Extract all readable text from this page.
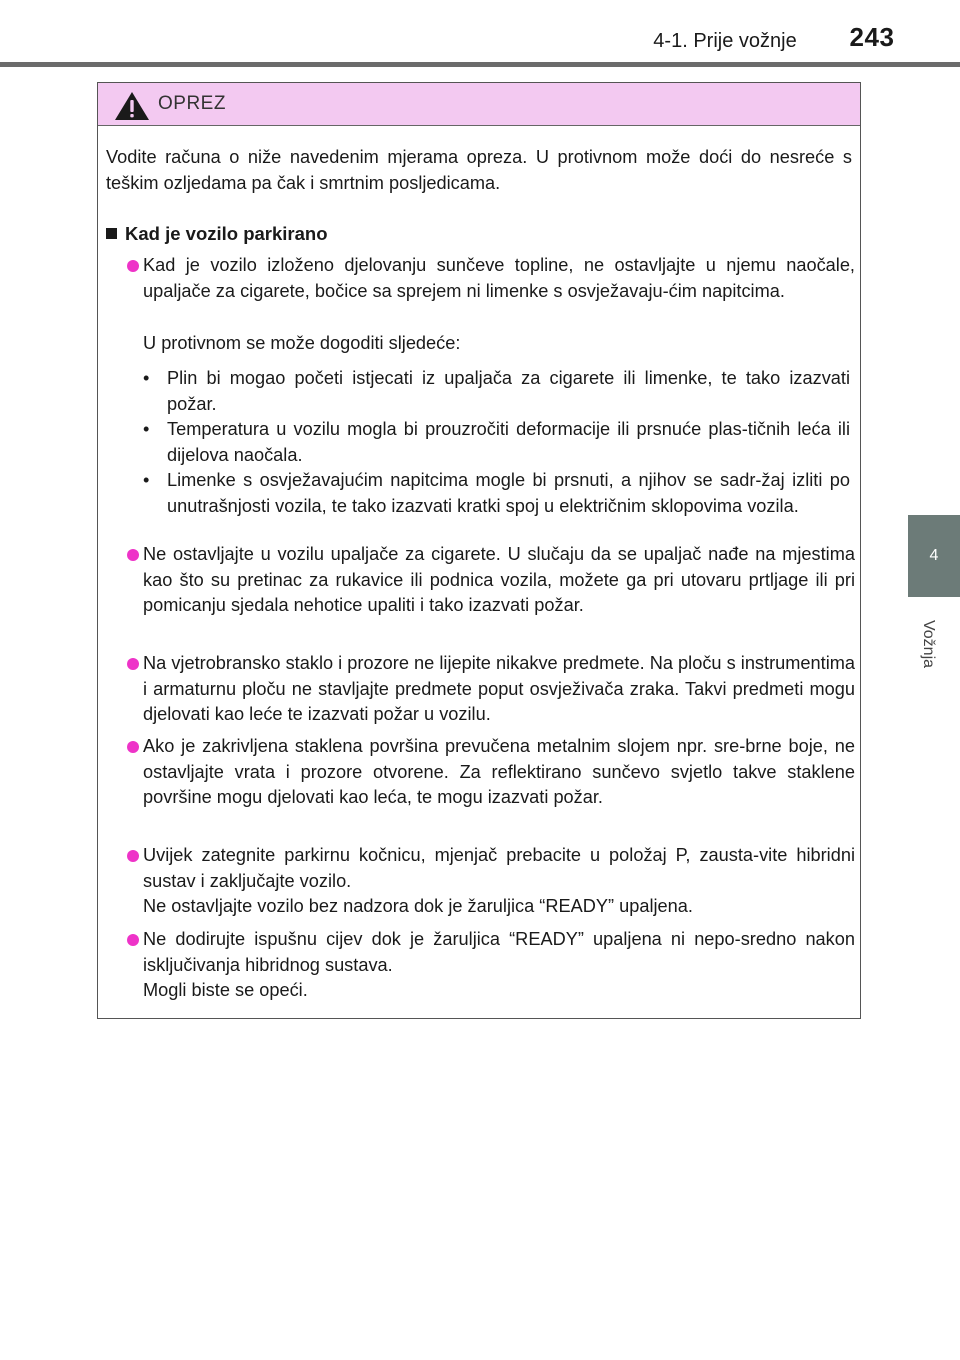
4-1. Prije vožnje	243
4
Vožnja
OPREZ
Vodite računa o niže navedenim mjerama opreza. U protivnom može doći do nesreće s teškim ozljedama pa čak i smrtnim posljedicama.
Kad je vozilo parkirano
Kad je vozilo izloženo djelovanju sunčeve topline, ne ostavljajte u njemu naočale, upaljače za cigarete, bočice sa sprejem ni limenke s osvježavaju-ćim napitcima.
U protivnom se može dogoditi sljedeće:
• Plin bi mogao početi istjecati iz upaljača za cigarete ili limenke, te tako izazvati požar.
• Temperatura u vozilu mogla bi prouzročiti deformacije ili prsnuće plas-tičnih leća ili dijelova naočala.
• Limenke s osvježavajućim napitcima mogle bi prsnuti, a njihov se sadr-žaj izliti po unutrašnjosti vozila, te tako izazvati kratki spoj u električnim sklopovima vozila.
Ne ostavljajte u vozilu upaljače za cigarete. U slučaju da se upaljač nađe na mjestima kao što su pretinac za rukavice ili podnica vozila, možete ga pri utovaru prtljage ili pri pomicanju sjedala nehotice upaliti i tako izazvati požar.
Na vjetrobransko staklo i prozore ne lijepite nikakve predmete. Na ploču s instrumentima i armaturnu ploču ne stavljajte predmete poput osvježivača zraka. Takvi predmeti mogu djelovati kao leće te izazvati požar u vozilu.
Ako je zakrivljena staklena površina prevučena metalnim slojem npr. sre-brne boje, ne ostavljajte vrata i prozore otvorene. Za reflektirano sunčevo svjetlo takve staklene površine mogu djelovati kao leća, te mogu izazvati požar.
Uvijek zategnite parkirnu kočnicu, mjenjač prebacite u položaj P, zausta-vite hibridni sustav i zaključajte vozilo.
Ne ostavljajte vozilo bez nadzora dok je žaruljica “READY” upaljena.
Ne dodirujte ispušnu cijev dok je žaruljica “READY” upaljena ni nepo-sredno nakon isključivanja hibridnog sustava.
Mogli biste se opeći.
